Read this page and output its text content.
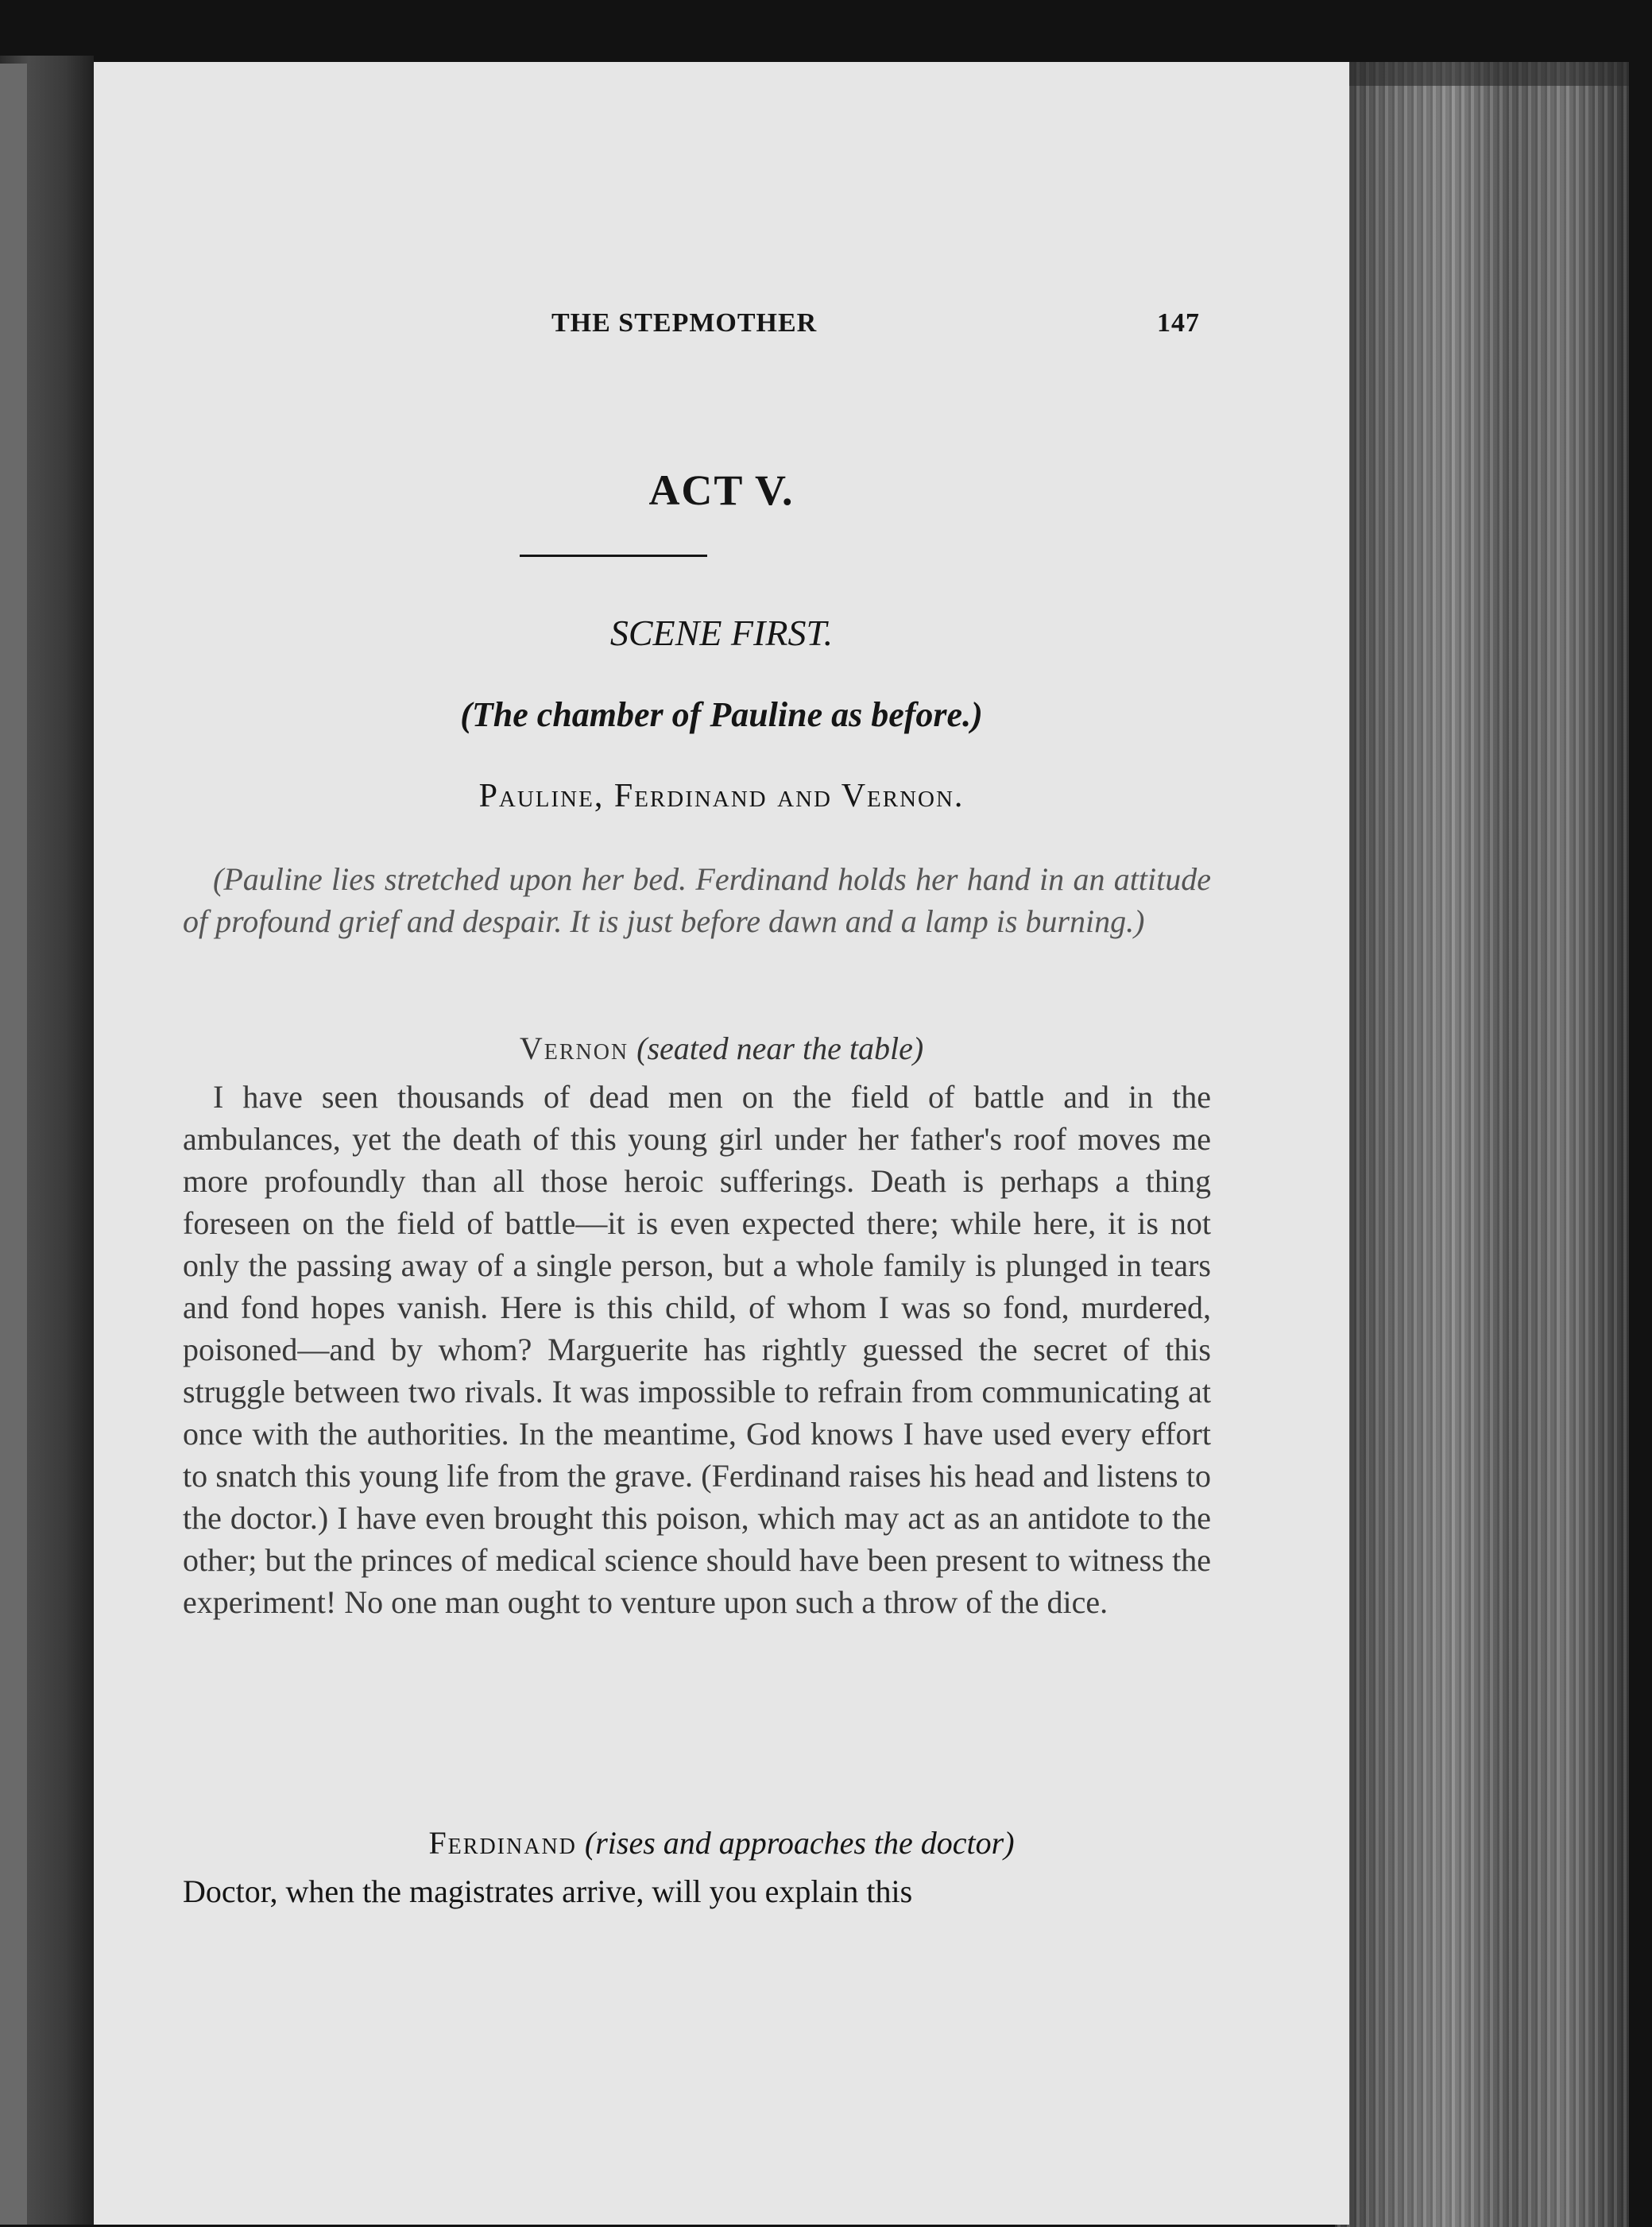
THE STEPMOTHER	147
ACT V.
SCENE FIRST.
(The chamber of Pauline as before.)
Pauline, Ferdinand and Vernon.
(Pauline lies stretched upon her bed. Ferdinand holds her hand in an attitude of profound grief and despair. It is just before dawn and a lamp is burning.)
Vernon (seated near the table)
I have seen thousands of dead men on the field of battle and in the ambulances, yet the death of this young girl under her father's roof moves me more profoundly than all those heroic sufferings. Death is perhaps a thing foreseen on the field of battle—it is even expected there; while here, it is not only the passing away of a single person, but a whole family is plunged in tears and fond hopes vanish. Here is this child, of whom I was so fond, murdered, poisoned—and by whom? Marguerite has rightly guessed the secret of this struggle between two rivals. It was impossible to refrain from communicating at once with the authorities. In the meantime, God knows I have used every effort to snatch this young life from the grave. (Ferdinand raises his head and listens to the doctor.) I have even brought this poison, which may act as an antidote to the other; but the princes of medical science should have been present to witness the experiment! No one man ought to venture upon such a throw of the dice.
Ferdinand (rises and approaches the doctor)
Doctor, when the magistrates arrive, will you explain this
